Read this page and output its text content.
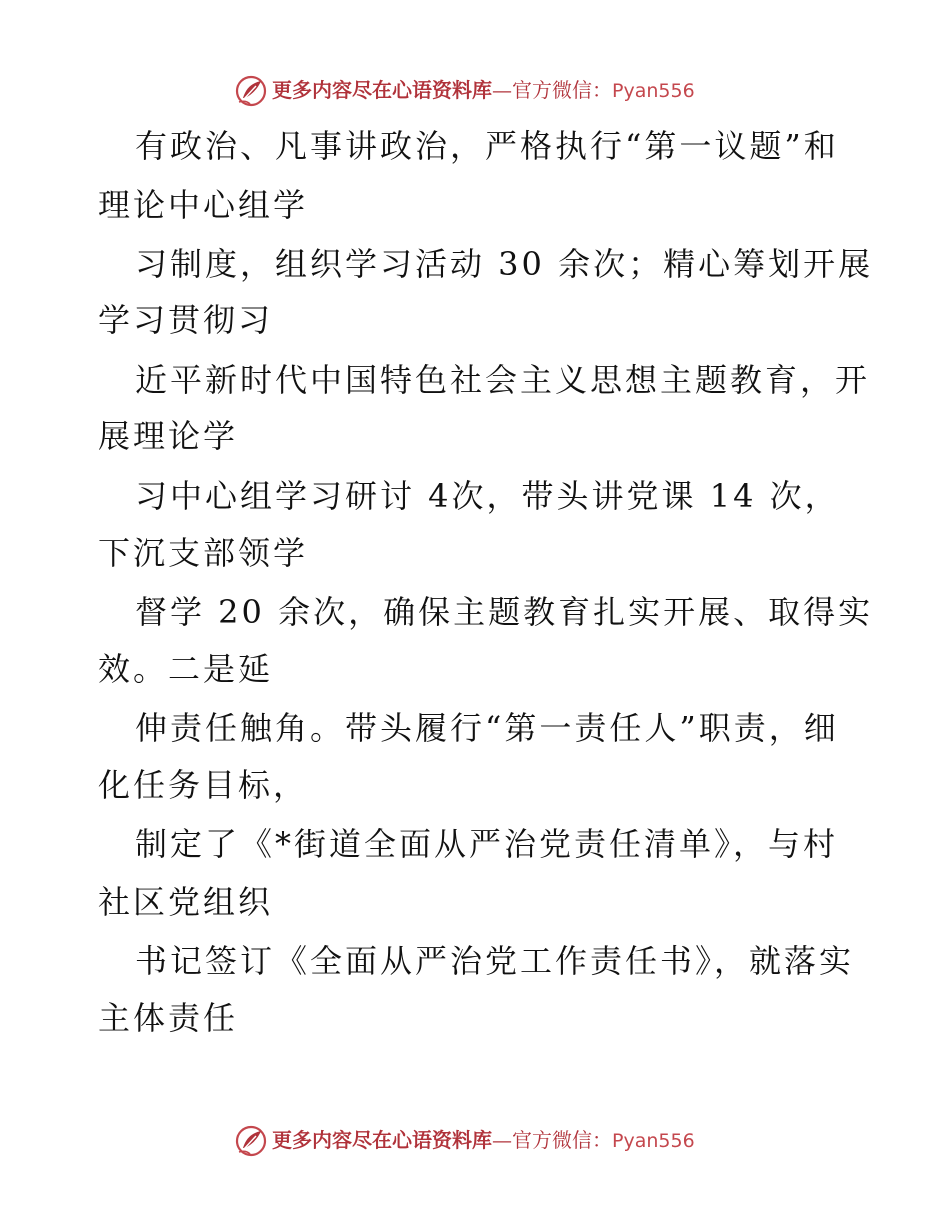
更多内容尽在心语资料库—官方微信：Pyan556
有政治、凡事讲政治，严格执行“第一议题”和
理论中心组学
习制度，组织学习活动 30 余次；精心筹划开展
学习贯彻习
近平新时代中国特色社会主义思想主题教育，开
展理论学
习中心组学习研讨 4次，带头讲党课 14 次，
下沉支部领学
督学 20 余次，确保主题教育扎实开展、取得实
效。二是延
伸责任触角。带头履行“第一责任人”职责，细
化任务目标，
制定了《*街道全面从严治党责任清单》，与村
社区党组织
书记签订《全面从严治党工作责任书》，就落实
主体责任
更多内容尽在心语资料库—官方微信：Pyan556
